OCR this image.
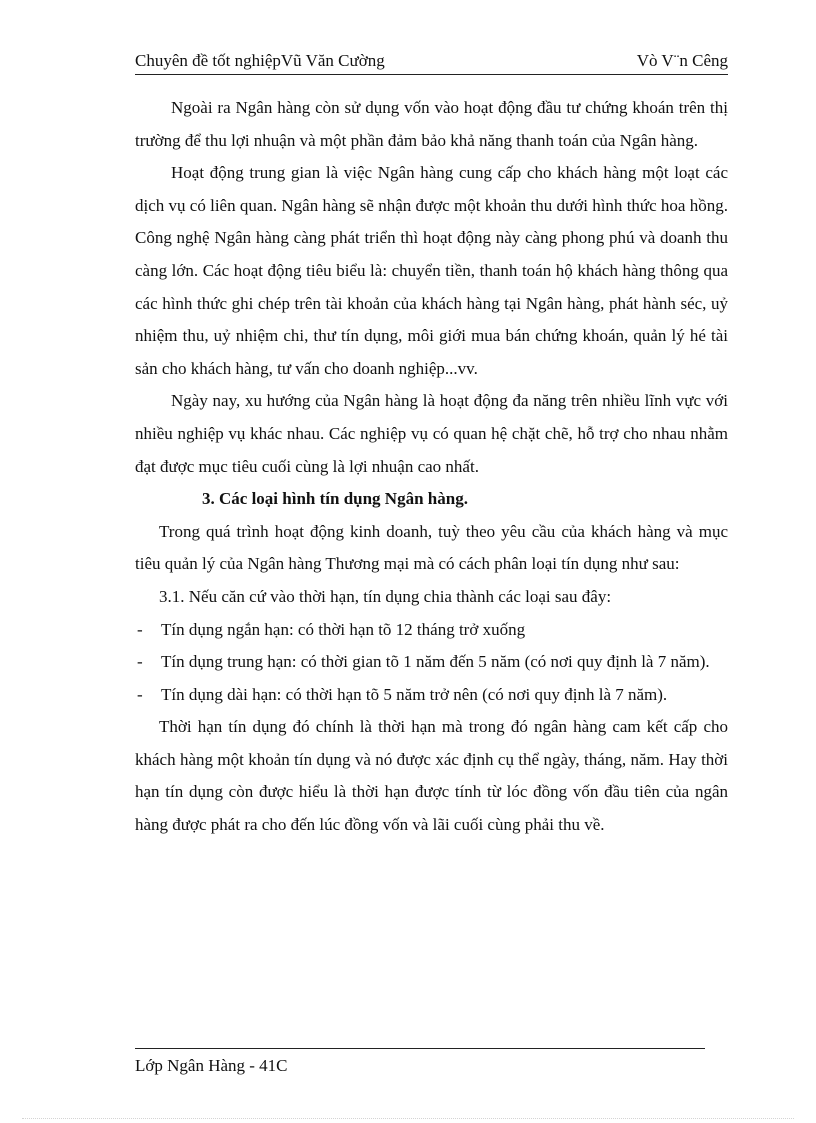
Chuyên đề tốt nghiệpVũ Văn Cường	Vò V¨n Cêng

Ngoài ra Ngân hàng còn sử dụng vốn vào hoạt động đầu tư chứng khoán trên thị trường để thu lợi nhuận và một phần đảm bảo khả năng thanh toán của Ngân hàng.

Hoạt động trung gian là việc Ngân hàng cung cấp cho khách hàng một loạt các dịch vụ có liên quan. Ngân hàng sẽ nhận được một khoản thu dưới hình thức hoa hồng. Công nghệ Ngân hàng càng phát triển thì hoạt động này càng phong phú và doanh thu càng lớn. Các hoạt động tiêu biểu là: chuyển tiền, thanh toán hộ khách hàng thông qua các hình thức ghi chép trên tài khoản của khách hàng tại Ngân hàng, phát hành séc, uỷ nhiệm thu, uỷ nhiệm chi, thư tín dụng, môi giới mua bán chứng khoán, quản lý hé tài sản cho khách hàng, tư vấn cho doanh nghiệp...vv.

Ngày nay, xu hướng của Ngân hàng là hoạt động đa năng trên nhiều lĩnh vực với nhiều nghiệp vụ khác nhau. Các nghiệp vụ có quan hệ chặt chẽ, hỗ trợ cho nhau nhằm đạt được mục tiêu cuối cùng là lợi nhuận cao nhất.

3. Các loại hình tín dụng Ngân hàng.

Trong quá trình hoạt động kinh doanh, tuỳ theo yêu cầu của khách hàng và mục tiêu quản lý của Ngân hàng Thương mại mà có cách phân loại tín dụng như sau:

3.1. Nếu căn cứ vào thời hạn, tín dụng chia thành các loại sau đây:

-	Tín dụng ngắn hạn: có thời hạn tõ 12 tháng trở xuống
-	Tín dụng trung hạn: có thời gian tõ 1 năm đến 5 năm (có nơi quy định là 7 năm).
-	Tín dụng dài hạn: có thời hạn tõ 5 năm trở nên (có nơi quy định là 7 năm).

Thời hạn tín dụng đó chính là thời hạn mà trong đó ngân hàng cam kết cấp cho khách hàng một khoản tín dụng và nó được xác định cụ thể ngày, tháng, năm. Hay thời hạn tín dụng còn được hiểu là thời hạn được tính từ lóc đồng vốn đầu tiên của ngân hàng được phát ra cho đến lúc đồng vốn và lãi cuối cùng phải thu về.

Lớp Ngân Hàng - 41C
